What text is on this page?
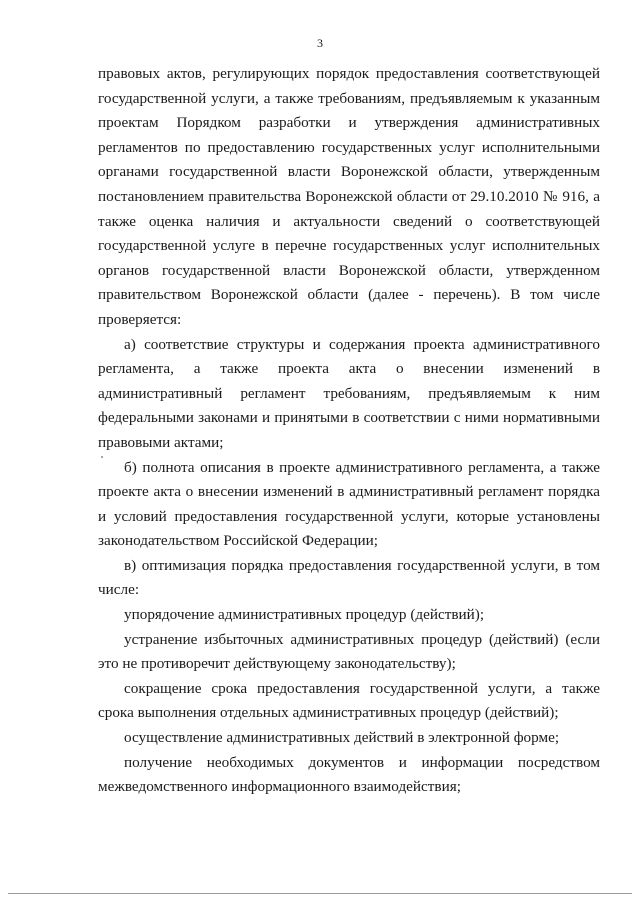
3

правовых актов, регулирующих порядок предоставления соответствующей государственной услуги, а также требованиям, предъявляемым к указанным проектам Порядком разработки и утверждения административных регламентов по предоставлению государственных услуг исполнительными органами государственной власти Воронежской области, утвержденным постановлением правительства Воронежской области от 29.10.2010 № 916, а также оценка наличия и актуальности сведений о соответствующей государственной услуге в перечне государственных услуг исполнительных органов государственной власти Воронежской области, утвержденном правительством Воронежской области (далее - перечень). В том числе проверяется:

а) соответствие структуры и содержания проекта административного регламента, а также проекта акта о внесении изменений в административный регламент требованиям, предъявляемым к ним федеральными законами и принятыми в соответствии с ними нормативными правовыми актами;

б) полнота описания в проекте административного регламента, а также проекте акта о внесении изменений в административный регламент порядка и условий предоставления государственной услуги, которые установлены законодательством Российской Федерации;

в) оптимизация порядка предоставления государственной услуги, в том числе:

упорядочение административных процедур (действий);

устранение избыточных административных процедур (действий) (если это не противоречит действующему законодательству);

сокращение срока предоставления государственной услуги, а также срока выполнения отдельных административных процедур (действий);

осуществление административных действий в электронной форме;

получение необходимых документов и информации посредством межведомственного информационного взаимодействия;
